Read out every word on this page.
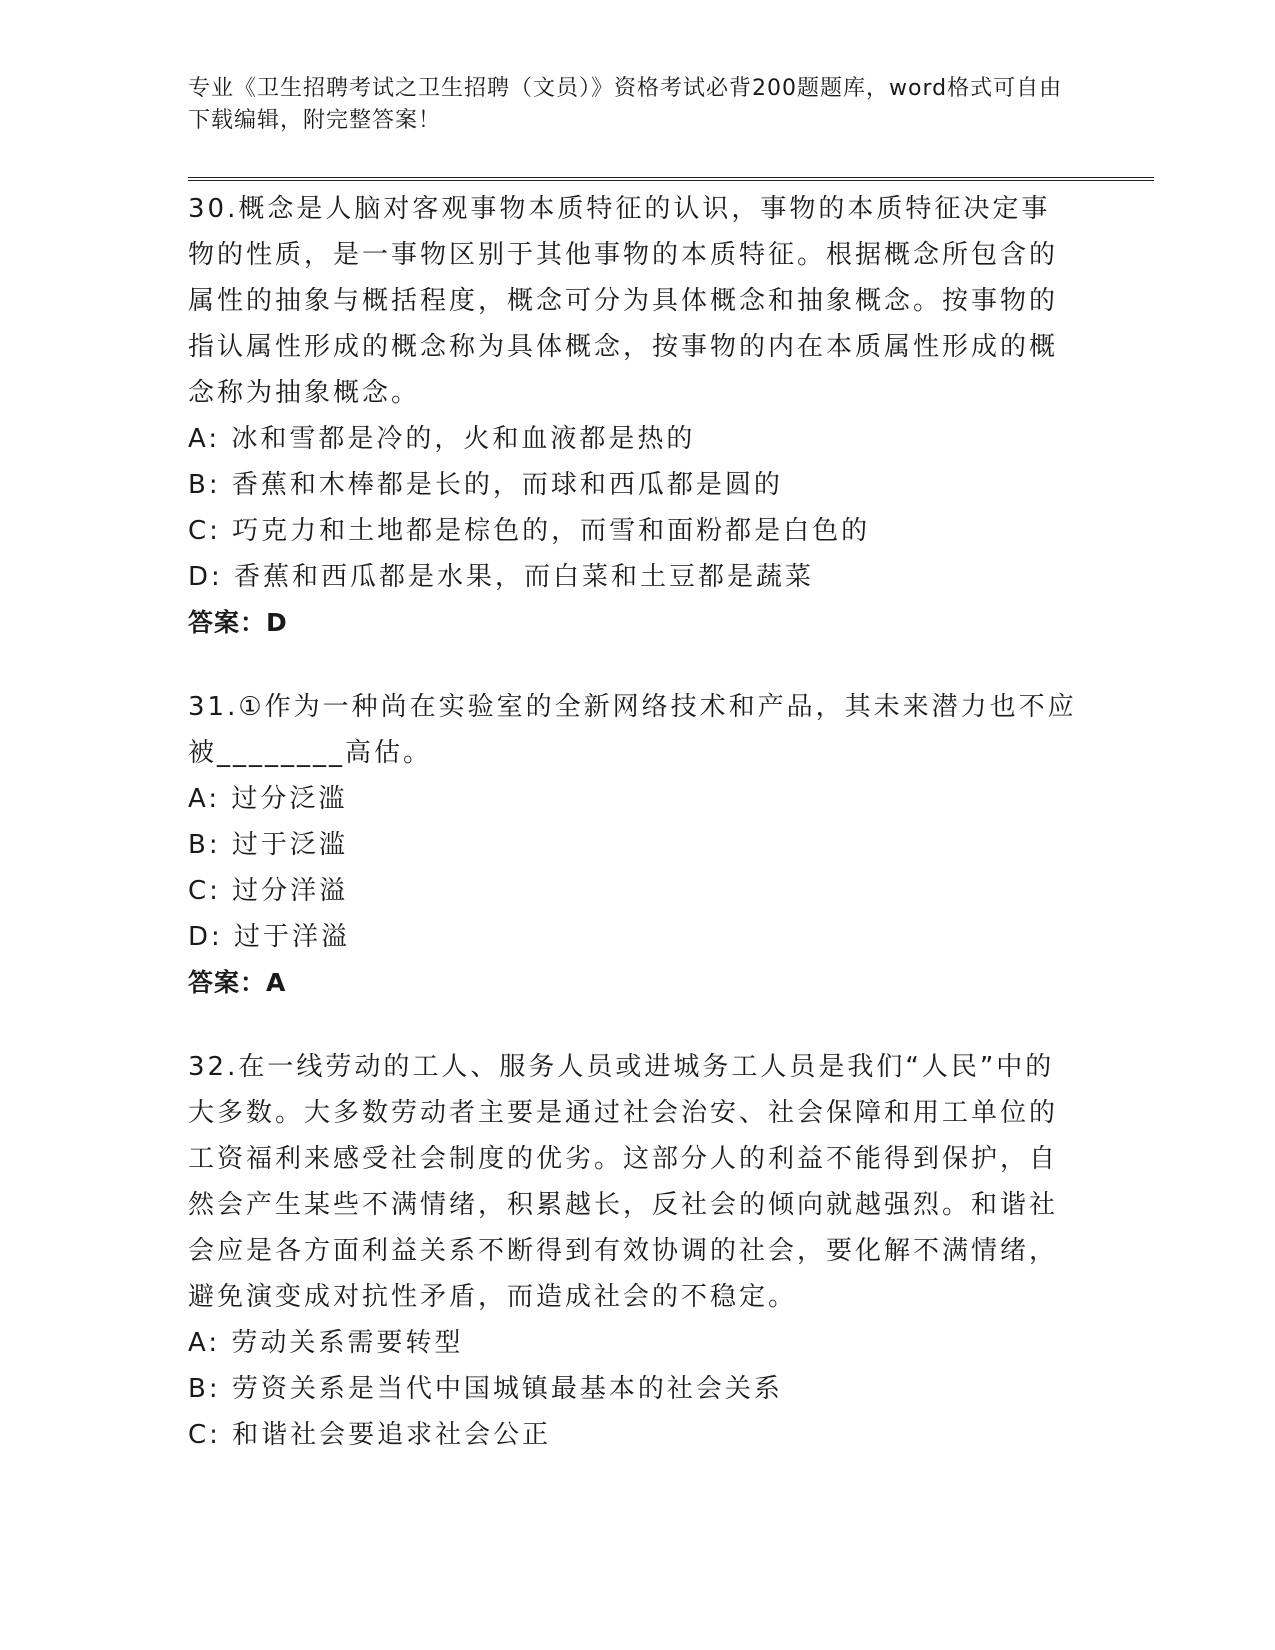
专业《卫生招聘考试之卫生招聘（文员）》资格考试必背200题题库，word格式可自由下载编辑，附完整答案！

30.概念是人脑对客观事物本质特征的认识，事物的本质特征决定事物的性质，是一事物区别于其他事物的本质特征。根据概念所包含的属性的抽象与概括程度，概念可分为具体概念和抽象概念。按事物的指认属性形成的概念称为具体概念，按事物的内在本质属性形成的概念称为抽象概念。

A: 冰和雪都是冷的，火和血液都是热的

B: 香蕉和木棒都是长的，而球和西瓜都是圆的

C: 巧克力和土地都是棕色的，而雪和面粉都是白色的

D: 香蕉和西瓜都是水果，而白菜和土豆都是蔬菜

答案：D

31.①作为一种尚在实验室的全新网络技术和产品，其未来潜力也不应被________高估。

A: 过分泛滥

B: 过于泛滥

C: 过分洋溢

D: 过于洋溢

答案：A

32.在一线劳动的工人、服务人员或进城务工人员是我们“人民”中的大多数。大多数劳动者主要是通过社会治安、社会保障和用工单位的工资福利来感受社会制度的优劣。这部分人的利益不能得到保护，自然会产生某些不满情绪，积累越长，反社会的倾向就越强烈。和谐社会应是各方面利益关系不断得到有效协调的社会，要化解不满情绪，避免演变成对抗性矛盾，而造成社会的不稳定。

A: 劳动关系需要转型

B: 劳资关系是当代中国城镇最基本的社会关系

C: 和谐社会要追求社会公正
